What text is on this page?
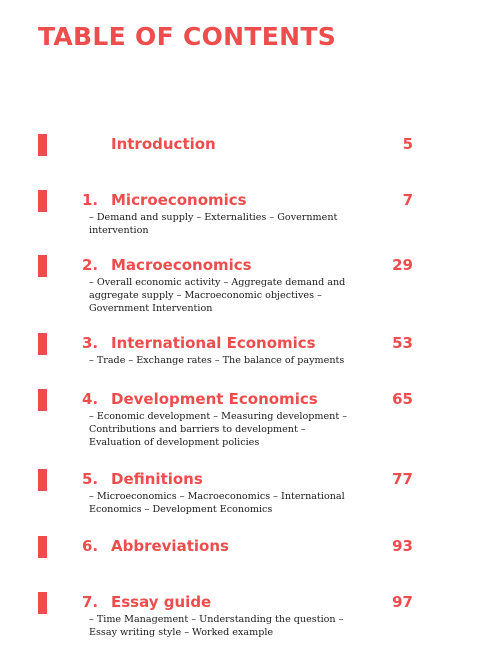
TABLE OF CONTENTS
Introduction	5
1. Microeconomics	7
– Demand and supply – Externalities – Government intervention
2. Macroeconomics	29
– Overall economic activity – Aggregate demand and aggregate supply – Macroeconomic objectives – Government Intervention
3. International Economics	53
– Trade – Exchange rates – The balance of payments
4. Development Economics	65
– Economic development – Measuring development – Contributions and barriers to development – Evaluation of development policies
5. Definitions	77
– Microeconomics – Macroeconomics – International Economics – Development Economics
6. Abbreviations	93
7. Essay guide	97
– Time Management – Understanding the question – Essay writing style – Worked example
